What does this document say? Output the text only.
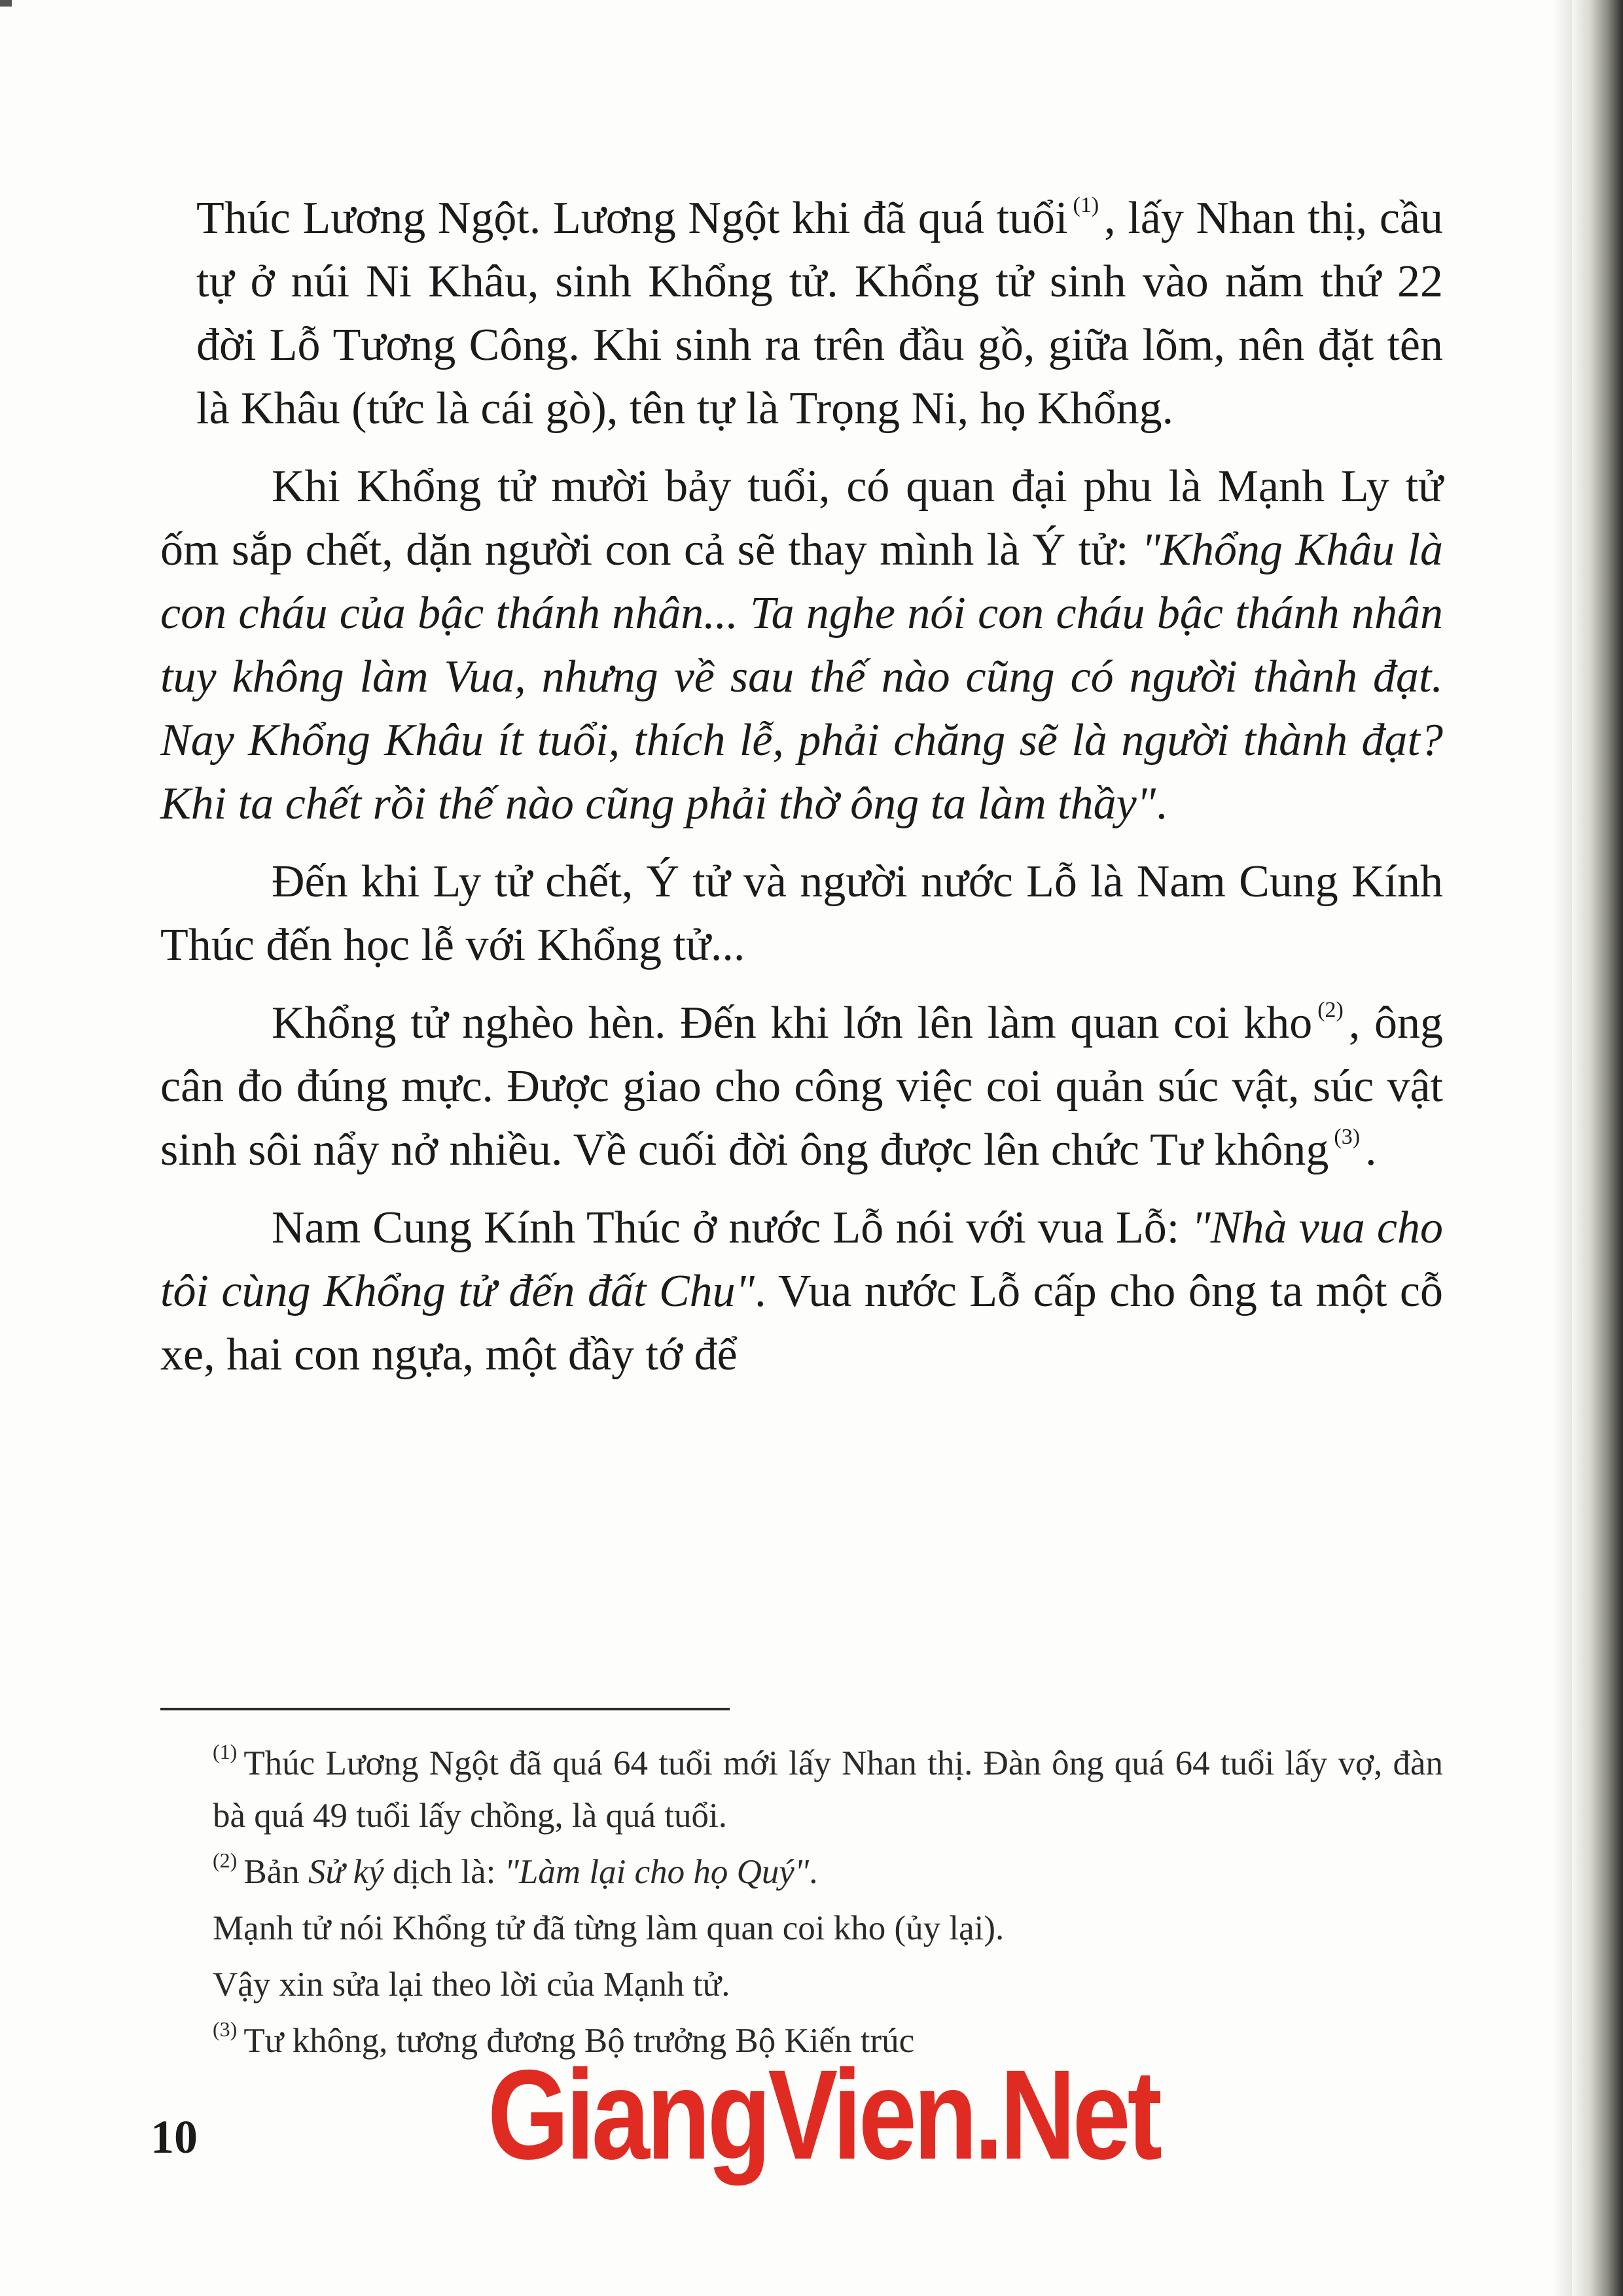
Thúc Lương Ngột. Lương Ngột khi đã quá tuổi $^{(1)}$ , lấy Nhan thị, cầu tự ở núi Ni Khâu, sinh Khổng tử. Khổng tử sinh vào năm thứ 22 đời Lỗ Tương Công. Khi sinh ra trên đầu gồ, giữa lõm, nên đặt tên là Khâu (tức là cái gò), tên tự là Trọng Ni, họ Khổng.

Khi Khổng tử mười bảy tuổi, có quan đại phu là Mạnh Ly tử ốm sắp chết, dặn người con cả sẽ thay mình là Ý tử: "Khổng Khâu là con cháu của bậc thánh nhân... Ta nghe nói con cháu bậc thánh nhân tuy không làm Vua, nhưng về sau thế nào cũng có người thành đạt. Nay Khổng Khâu ít tuổi, thích lễ, phải chăng sẽ là người thành đạt? Khi ta chết rồi thế nào cũng phải thờ ông ta làm thầy".

Đến khi Ly tử chết, Ý tử và người nước Lỗ là Nam Cung Kính Thúc đến học lễ với Khổng tử...

Khổng tử nghèo hèn. Đến khi lớn lên làm quan coi kho $^{(2)}$ , ông cân đo đúng mực. Được giao cho công việc coi quản súc vật, súc vật sinh sôi nẩy nở nhiều. Về cuối đời ông được lên chức Tư không $^{(3)}$ .

Nam Cung Kính Thúc ở nước Lỗ nói với vua Lỗ: "Nhà vua cho tôi cùng Khổng tử đến đất Chu". Vua nước Lỗ cấp cho ông ta một cỗ xe, hai con ngựa, một đầy tớ để

$^{(1)}$ Thúc Lương Ngột đã quá 64 tuổi mới lấy Nhan thị. Đàn ông quá 64 tuổi lấy vợ, đàn bà quá 49 tuổi lấy chồng, là quá tuổi.

$^{(2)}$ Bản Sử ký dịch là: "Làm lại cho họ Quý".

Mạnh tử nói Khổng tử đã từng làm quan coi kho (ủy lại).

Vậy xin sửa lại theo lời của Mạnh tử.

$^{(3)}$ Tư không, tương đương Bộ trưởng Bộ Kiến trúc

10 GiangVien.Net
